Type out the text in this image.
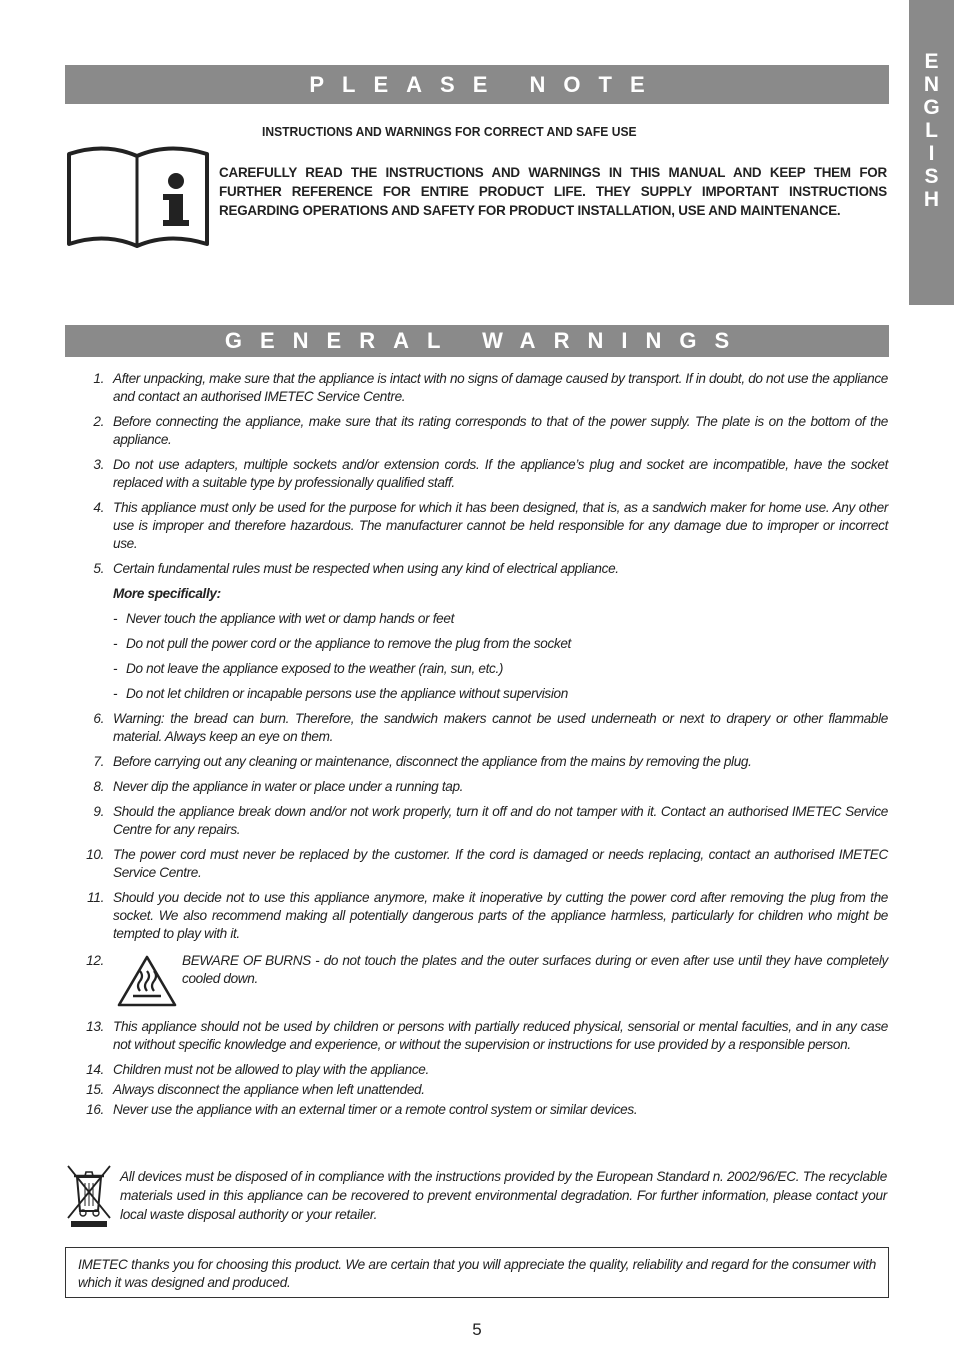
E
N
G
L
I
S
H
PLEASE NOTE
INSTRUCTIONS AND WARNINGS FOR CORRECT AND SAFE USE
CAREFULLY READ THE INSTRUCTIONS AND WARNINGS IN THIS MANUAL AND KEEP THEM FOR FURTHER REFERENCE FOR ENTIRE PRODUCT LIFE. THEY SUPPLY IMPORTANT INSTRUCTIONS REGARDING OPERATIONS AND SAFETY FOR PRODUCT INSTALLATION, USE AND MAINTENANCE.
GENERAL WARNINGS
1. After unpacking, make sure that the appliance is intact with no signs of damage caused by transport. If in doubt, do not use the appliance and contact an authorised IMETEC Service Centre.
2. Before connecting the appliance, make sure that its rating corresponds to that of the power supply. The plate is on the bottom of the appliance.
3. Do not use adapters, multiple sockets and/or extension cords. If the appliance’s plug and socket are incompatible, have the socket replaced with a suitable type by professionally qualified staff.
4. This appliance must only be used for the purpose for which it has been designed, that is, as a sandwich maker for home use. Any other use is improper and therefore hazardous. The manufacturer cannot be held responsible for any damage due to improper or incorrect use.
5. Certain fundamental rules must be respected when using any kind of electrical appliance.
More specifically:
- Never touch the appliance with wet or damp hands or feet
- Do not pull the power cord or the appliance to remove the plug from the socket
- Do not leave the appliance exposed to the weather (rain, sun, etc.)
- Do not let children or incapable persons use the appliance without supervision
6. Warning: the bread can burn. Therefore, the sandwich makers cannot be used underneath or next to drapery or other flammable material. Always keep an eye on them.
7. Before carrying out any cleaning or maintenance, disconnect the appliance from the mains by removing the plug.
8. Never dip the appliance in water or place under a running tap.
9. Should the appliance break down and/or not work properly, turn it off and do not tamper with it. Contact an authorised IMETEC Service Centre for any repairs.
10. The power cord must never be replaced by the customer. If the cord is damaged or needs replacing, contact an authorised IMETEC Service Centre.
11. Should you decide not to use this appliance anymore, make it inoperative by cutting the power cord after removing the plug from the socket. We also recommend making all potentially dangerous parts of the appliance harmless, particularly for children who might be tempted to play with it.
12.	BEWARE OF BURNS - do not touch the plates and the outer surfaces during or even after use until they have completely cooled down.
13. This appliance should not be used by children or persons with partially reduced physical, sensorial or mental faculties, and in any case not without specific knowledge and experience, or without the supervision or instructions for use provided by a responsible person.
14. Children must not be allowed to play with the appliance.
15. Always disconnect the appliance when left unattended.
16. Never use the appliance with an external timer or a remote control system or similar devices.
All devices must be disposed of in compliance with the instructions provided by the European Standard n. 2002/96/EC. The recyclable materials used in this appliance can be recovered to prevent environmental degradation. For further information, please contact your local waste disposal authority or your retailer.
IMETEC thanks you for choosing this product. We are certain that you will appreciate the quality, reliability and regard for the consumer with which it was designed and produced.
5
